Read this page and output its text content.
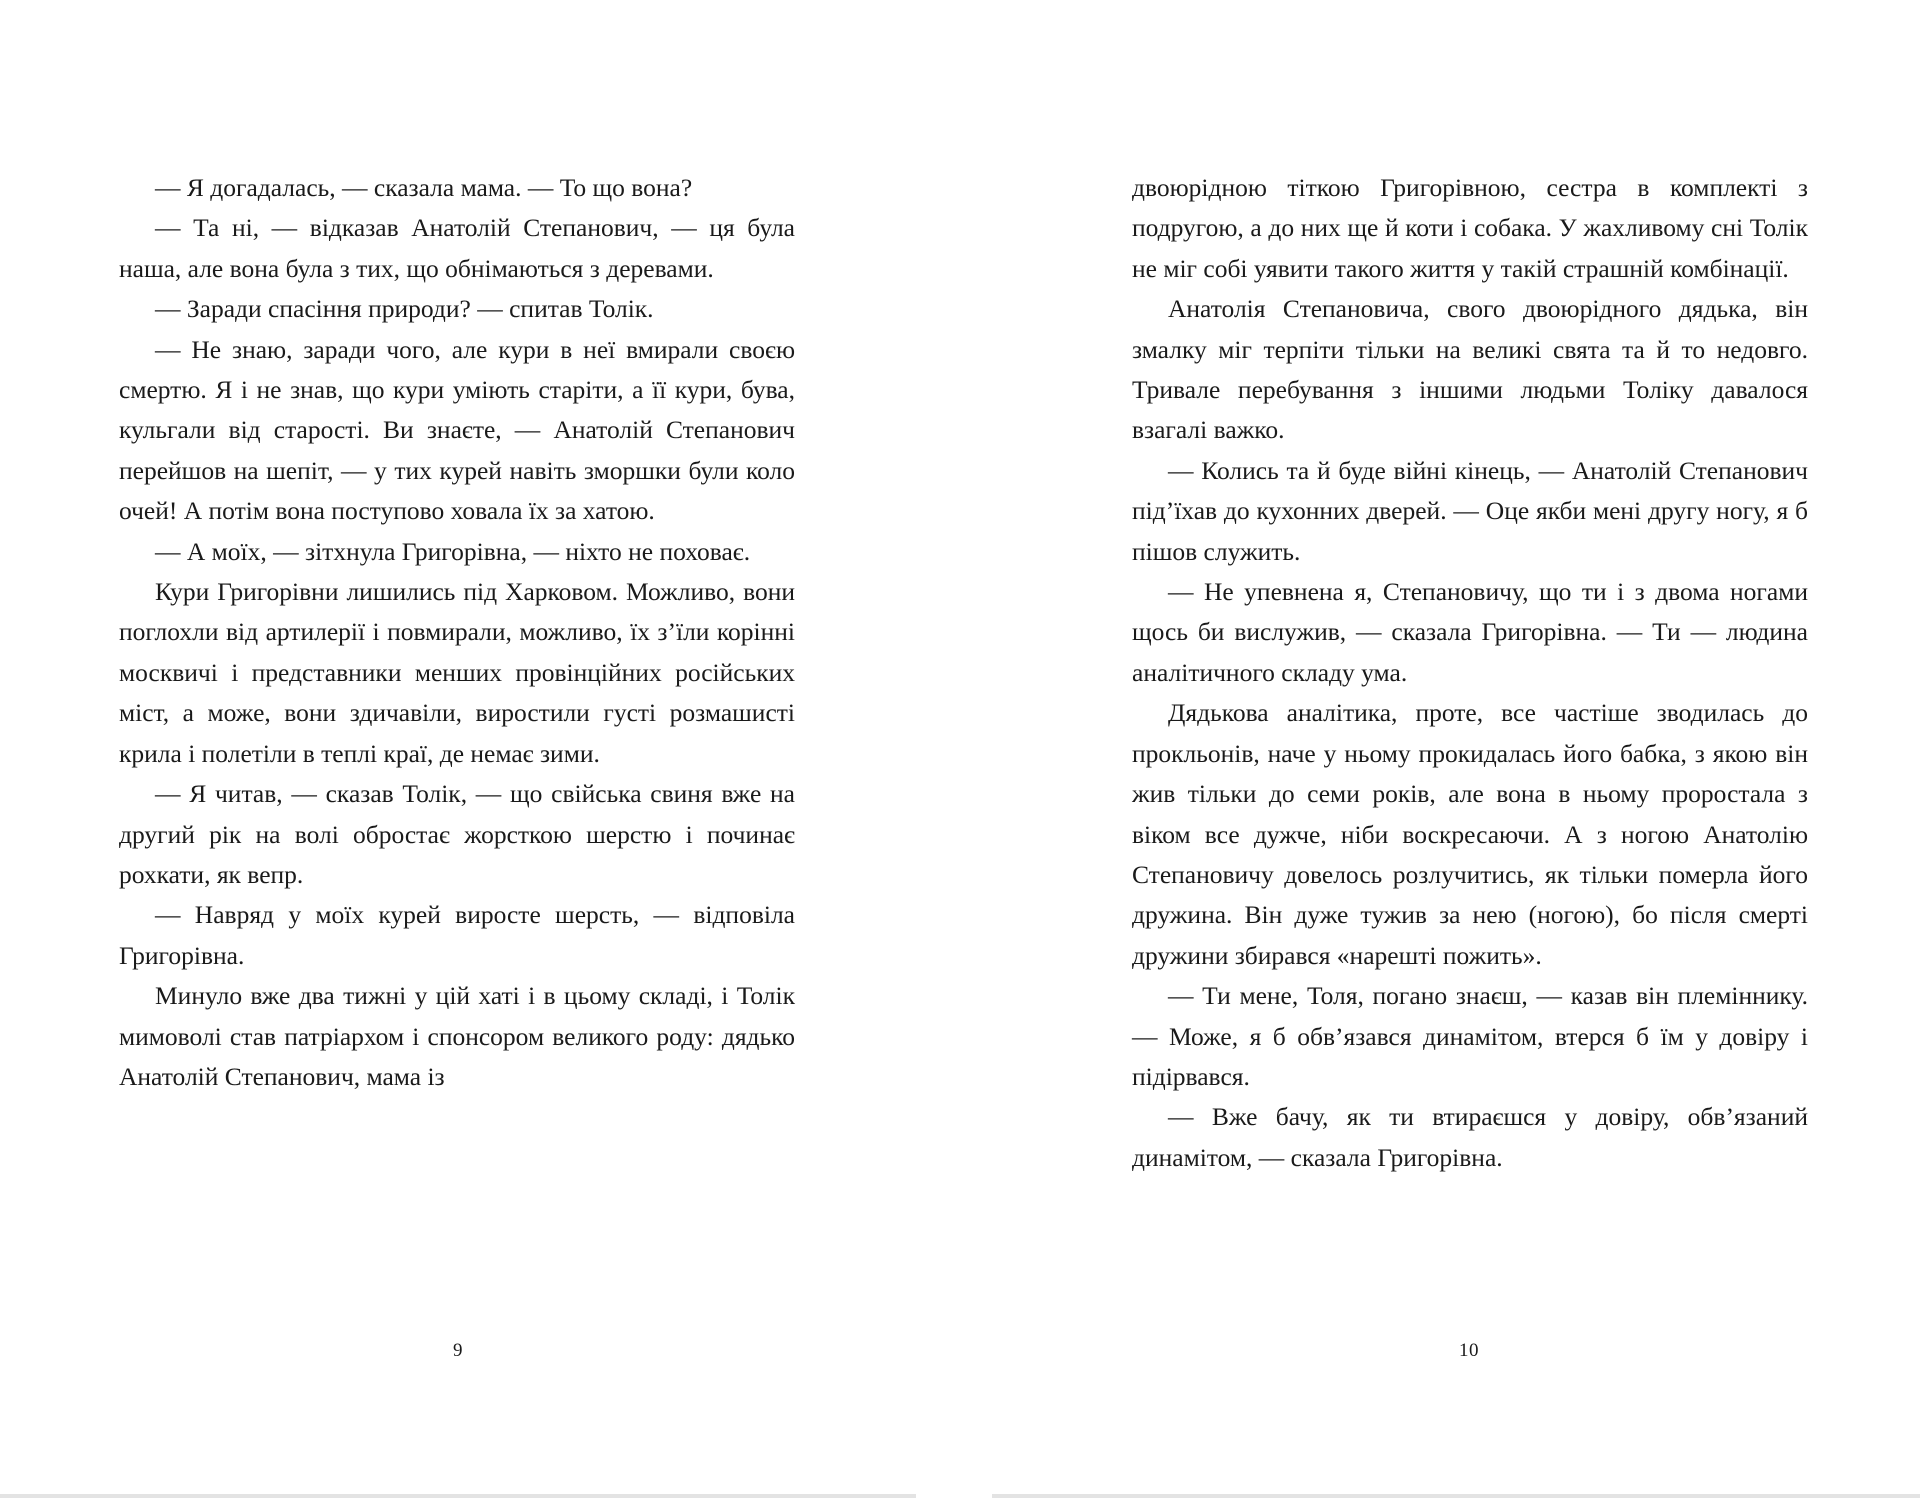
— Я догадалась, — сказала мама. — То що вона?

— Та ні, — відказав Анатолій Степанович, — ця була наша, але вона була з тих, що обнімаються з деревами.

— Заради спасіння природи? — спитав Толік.

— Не знаю, заради чого, але кури в неї вмирали своєю смертю. Я і не знав, що кури уміють старіти, а її кури, бува, кульгали від старості. Ви знаєте, — Анатолій Степанович перейшов на шепіт, — у тих курей навіть зморшки були коло очей! А потім вона поступово ховала їх за хатою.

— А моїх, — зітхнула Григорівна, — ніхто не поховає.

Кури Григорівни лишились під Харковом. Можливо, вони поглохли від артилерії і повмирали, можливо, їх з’їли корінні москвичі і представники менших провінційних російських міст, а може, вони здичавіли, виростили густі розмашисті крила і полетіли в теплі краї, де немає зими.

— Я читав, — сказав Толік, — що свійська свиня вже на другий рік на волі обростає жорсткою шерстю і починає рохкати, як вепр.

— Навряд у моїх курей виросте шерсть, — відповіла Григорівна.

Минуло вже два тижні у цій хаті і в цьому складі, і Толік мимоволі став патріархом і спонсором великого роду: дядько Анатолій Степанович, мама із

9

двоюрідною тіткою Григорівною, сестра в комплекті з подругою, а до них ще й коти і собака. У жахливому сні Толік не міг собі уявити такого життя у такій страшній комбінації.

Анатолія Степановича, свого двоюрідного дядька, він змалку міг терпіти тільки на великі свята та й то недовго. Тривале перебування з іншими людьми Толіку давалося взагалі важко.

— Колись та й буде війні кінець, — Анатолій Степанович під’їхав до кухонних дверей. — Оце якби мені другу ногу, я б пішов служить.

— Не упевнена я, Степановичу, що ти і з двома ногами щось би вислужив, — сказала Григорівна. — Ти — людина аналітичного складу ума.

Дядькова аналітика, проте, все частіше зводилась до прокльонів, наче у ньому прокидалась його бабка, з якою він жив тільки до семи років, але вона в ньому проростала з віком все дужче, ніби воскресаючи. А з ногою Анатолію Степановичу довелось розлучитись, як тільки померла його дружина. Він дуже тужив за нею (ногою), бо після смерті дружини збирався «нарешті пожить».

— Ти мене, Толя, погано знаєш, — казав він племіннику. — Може, я б обв’язався динамітом, втерся б їм у довіру і підірвався.

— Вже бачу, як ти втираєшся у довіру, обв’язаний динамітом, — сказала Григорівна.

10
